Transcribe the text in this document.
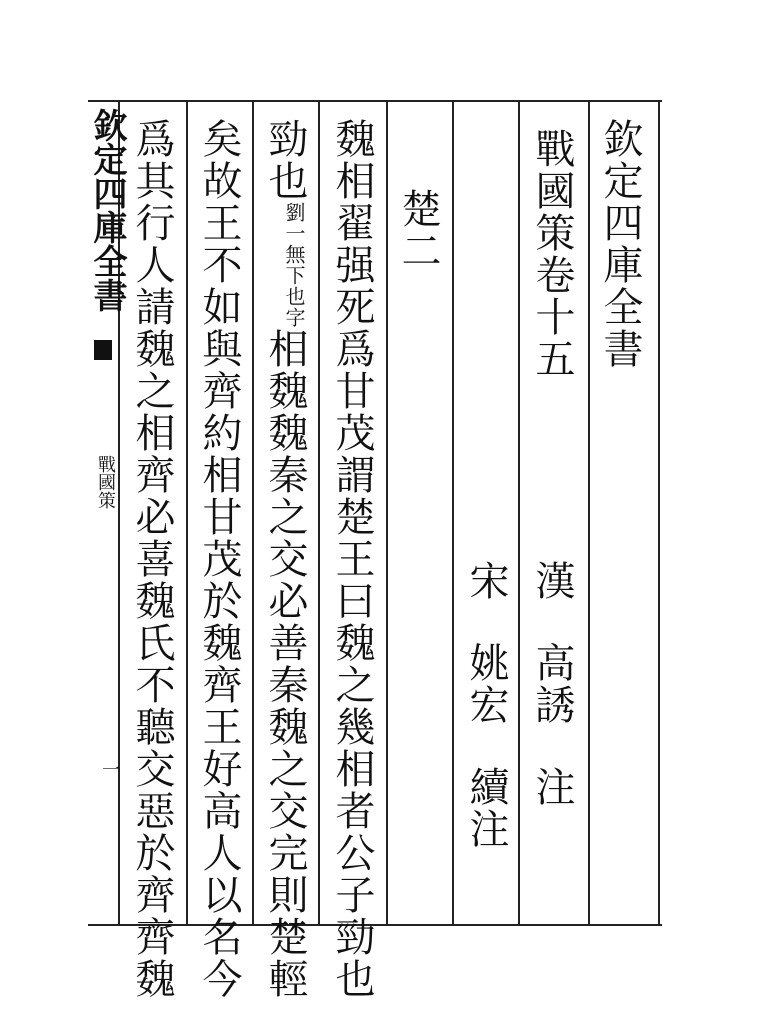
欽定四庫全書
戰國策
一
欽定四庫全書
戰國策卷十五
漢高誘注
宋姚宏續注
楚二
魏相翟强死爲甘茂謂楚王曰魏之幾相者公子勁也
勁也劉一無下也字相魏魏秦之交必善秦魏之交完則楚輕
矣故王不如與齊約相甘茂於魏齊王好高人以名今
爲其行人請魏之相齊必喜魏氏不聽交惡於齊齊魏
